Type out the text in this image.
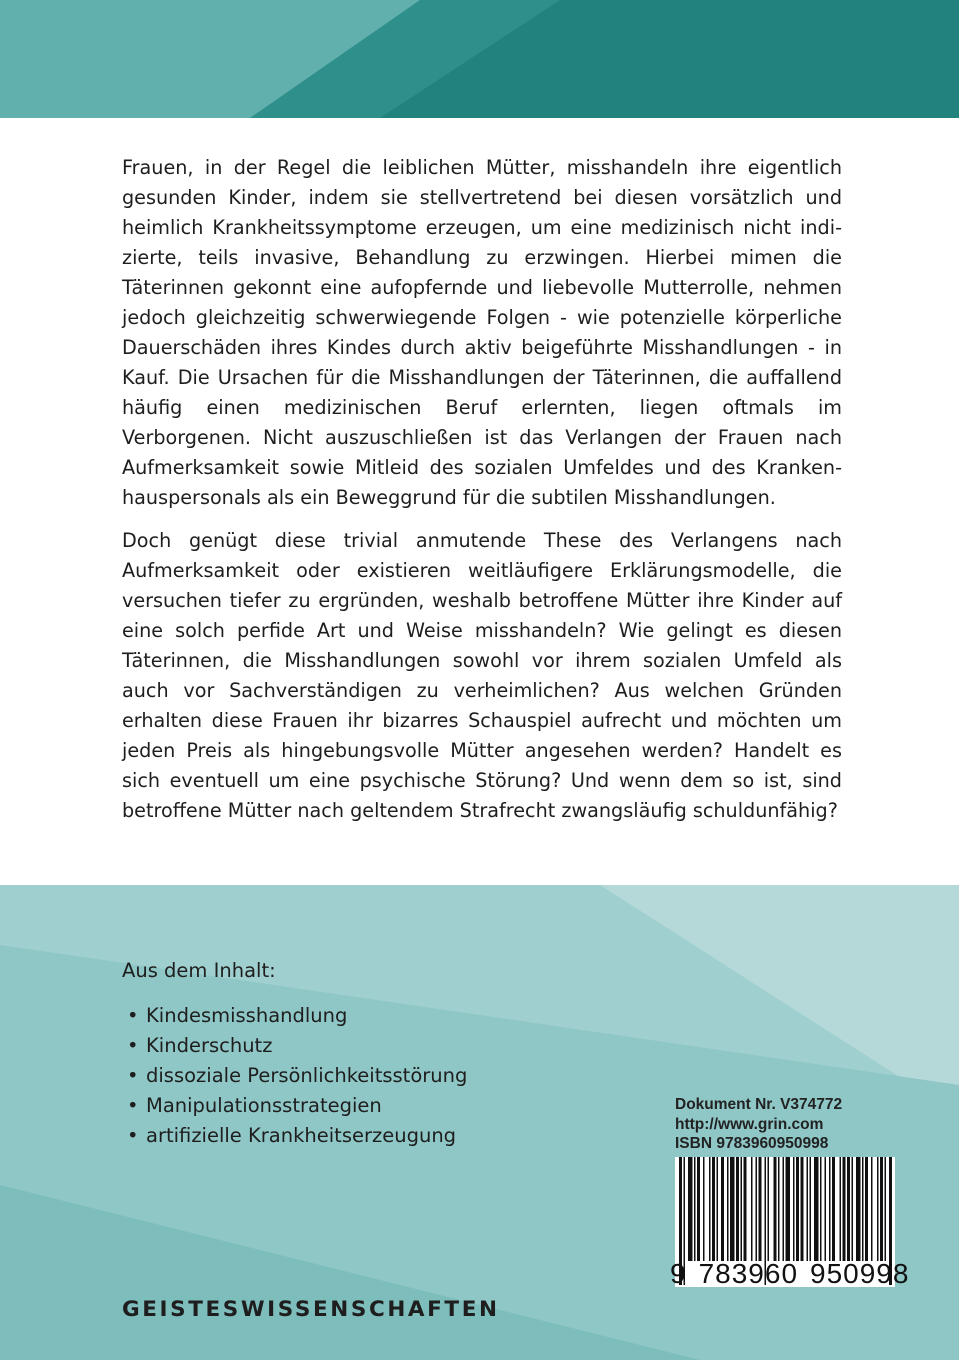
Frauen, in der Regel die leiblichen Mütter, misshandeln ihre eigentlich gesunden Kinder, indem sie stellvertretend bei diesen vorsätzlich und heimlich Krankheitssymptome erzeugen, um eine medizinisch nicht indizierte, teils invasive, Behandlung zu erzwingen. Hierbei mimen die Täterinnen gekonnt eine aufopfernde und liebevolle Mutterrolle, nehmen jedoch gleichzeitig schwerwiegende Folgen - wie potenzielle körperliche Dauerschäden ihres Kindes durch aktiv beigeführte Misshandlungen - in Kauf. Die Ursachen für die Misshandlungen der Täterinnen, die auffallend häufig einen medizinischen Beruf erlernten, liegen oftmals im Verborgenen. Nicht auszuschließen ist das Verlangen der Frauen nach Aufmerksamkeit sowie Mitleid des sozialen Umfeldes und des Krankenhauspersonals als ein Beweggrund für die subtilen Misshandlungen.

Doch genügt diese trivial anmutende These des Verlangens nach Aufmerksamkeit oder existieren weitläufigere Erklärungsmodelle, die versuchen tiefer zu ergründen, weshalb betroffene Mütter ihre Kinder auf eine solch perfide Art und Weise misshandeln? Wie gelingt es diesen Täterinnen, die Misshandlungen sowohl vor ihrem sozialen Umfeld als auch vor Sachverständigen zu verheimlichen? Aus welchen Gründen erhalten diese Frauen ihr bizarres Schauspiel aufrecht und möchten um jeden Preis als hingebungsvolle Mütter angesehen werden? Handelt es sich eventuell um eine psychische Störung? Und wenn dem so ist, sind betroffene Mütter nach geltendem Strafrecht zwangsläufig schuldunfähig?

Aus dem Inhalt:

• Kindesmisshandlung
• Kinderschutz
• dissoziale Persönlichkeitsstörung
• Manipulationsstrategien
• artifizielle Krankheitserzeugung
Dokument Nr. V374772
http://www.grin.com
ISBN 9783960950998
9 783960 950998
GEISTESWISSENSCHAFTEN
